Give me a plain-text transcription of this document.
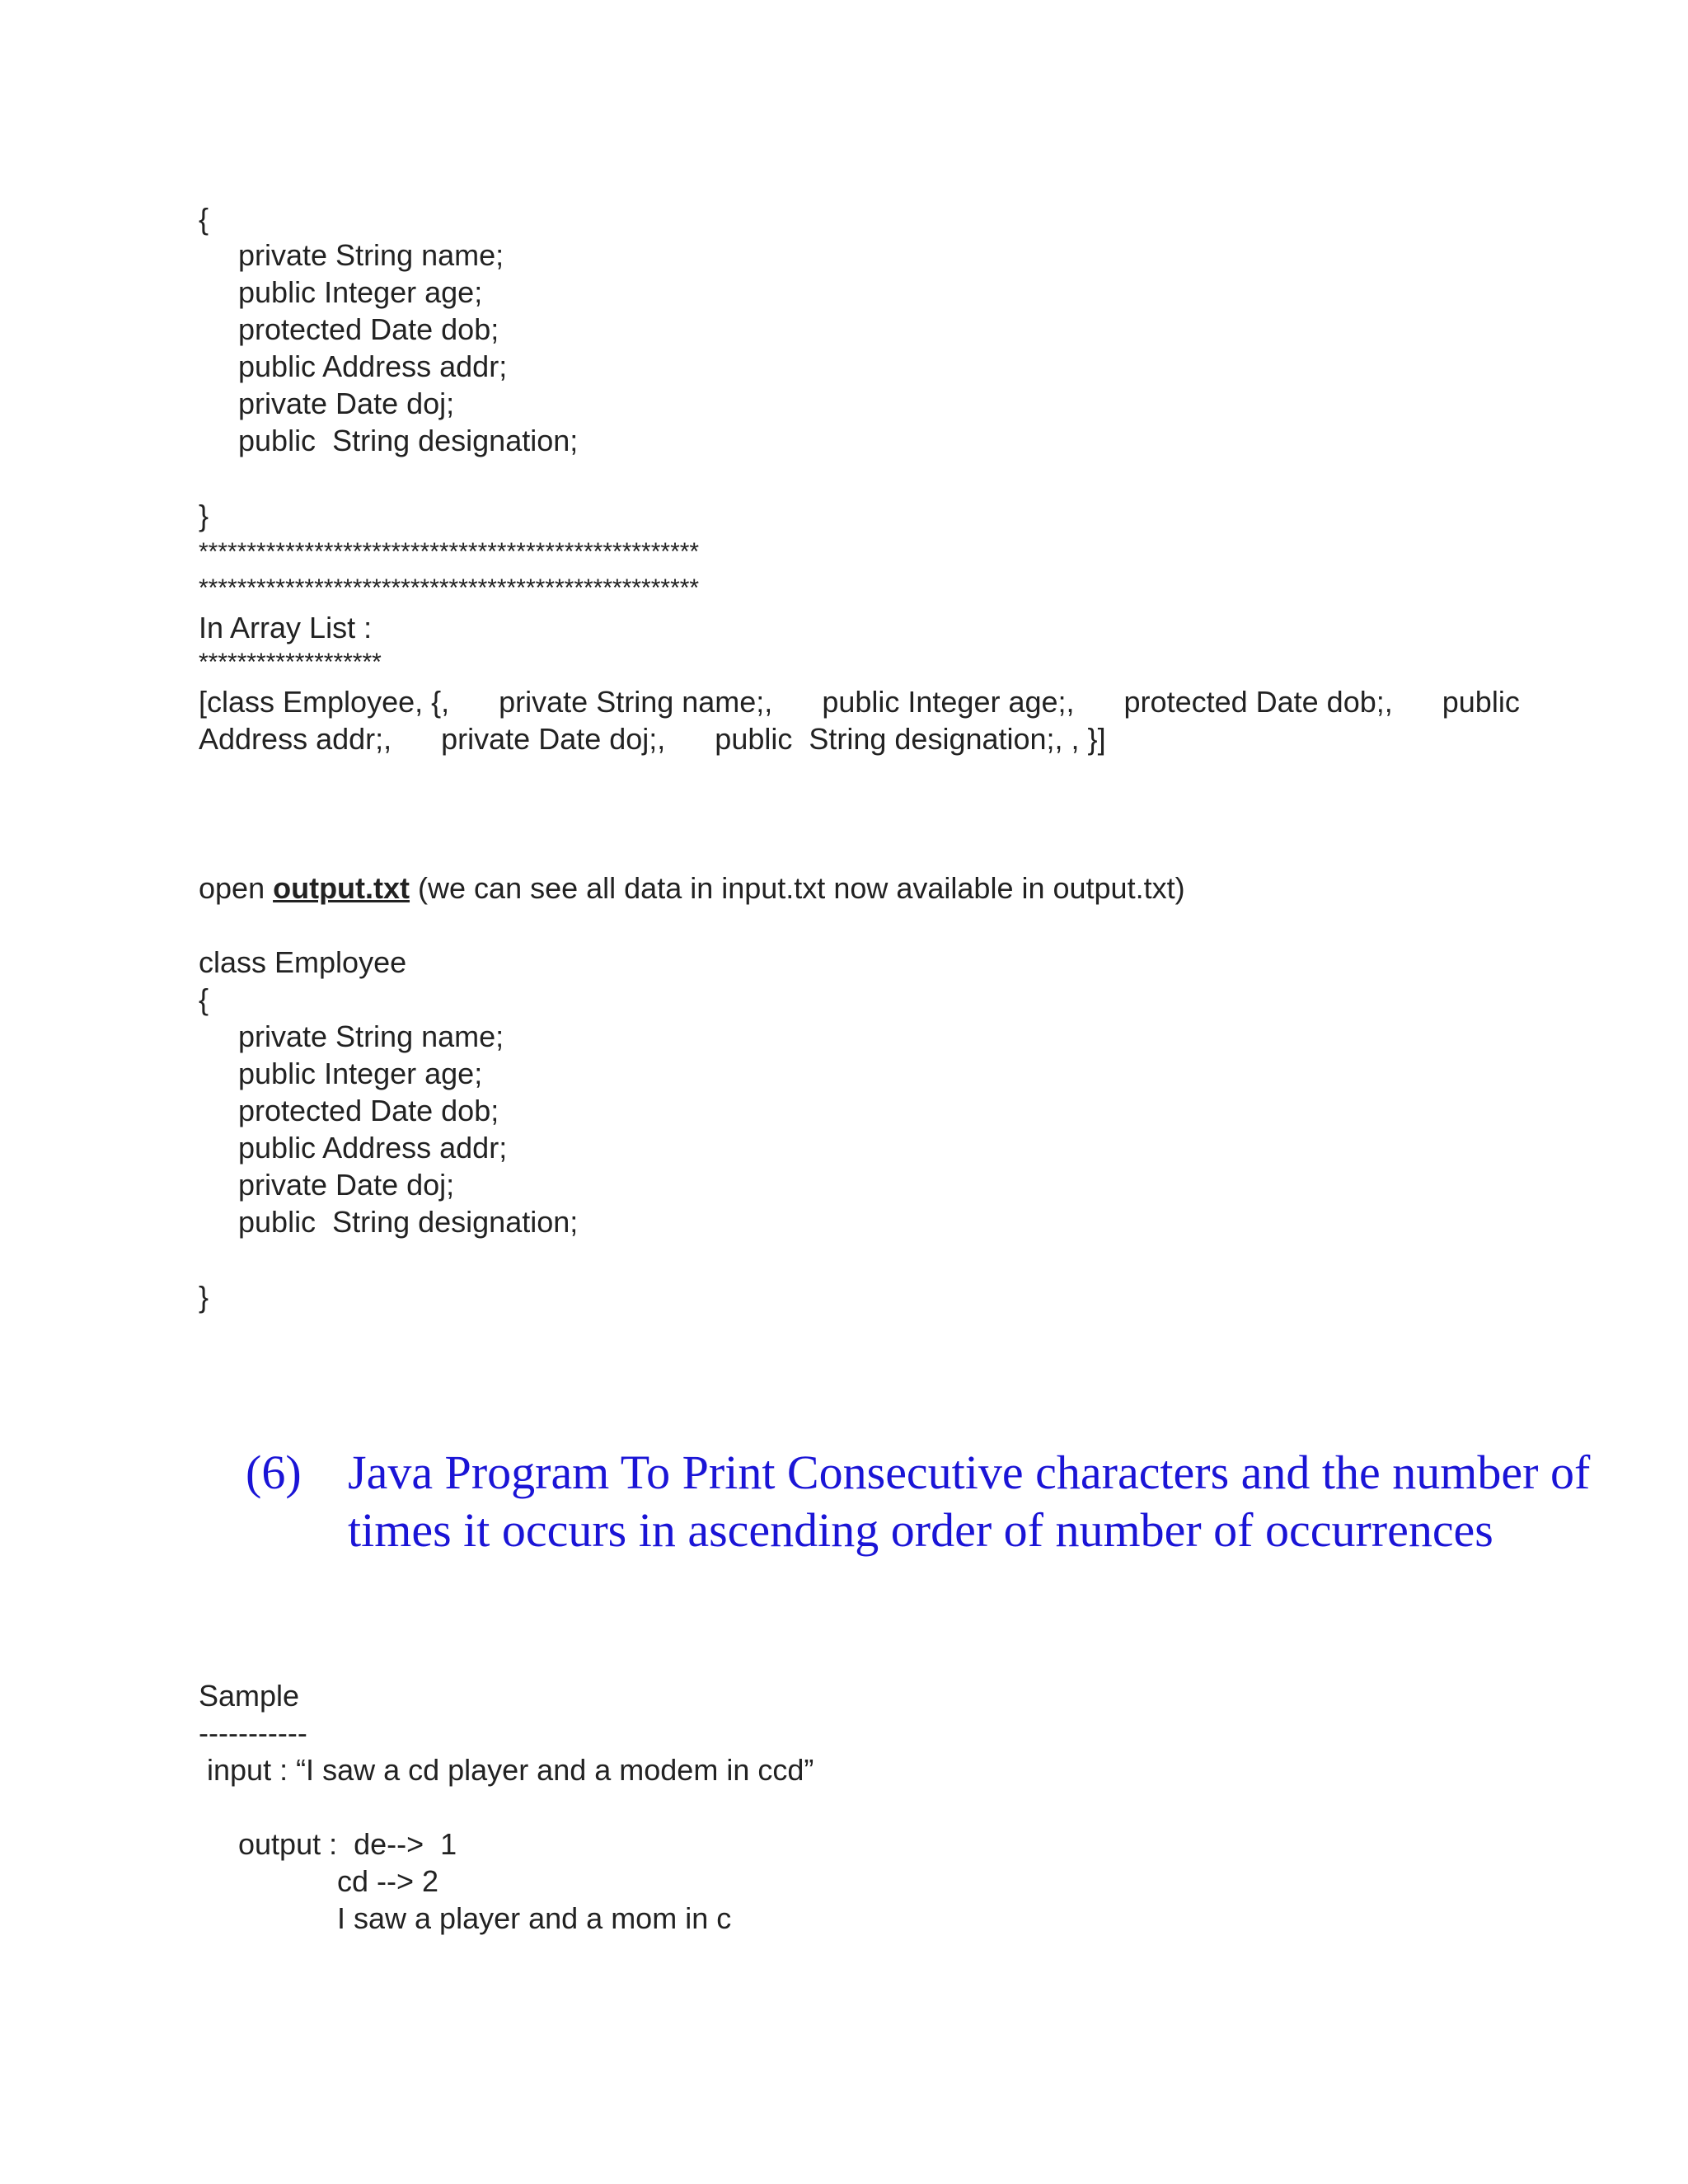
{
private String name;
public Integer age;
protected Date dob;
public Address addr;
private Date doj;
public  String designation;
}
****************************************************
****************************************************
In Array List :
*******************
[class Employee, {,      private String name;,      public Integer age;,      protected Date dob;,      public
Address addr;,      private Date doj;,      public  String designation;, , }]
open output.txt (we can see all data in input.txt now available in output.txt)
class Employee
{
private String name;
public Integer age;
protected Date dob;
public Address addr;
private Date doj;
public  String designation;
}
(6) Java Program To Print Consecutive characters and the number of times it occurs in ascending order of number of occurrences
Sample
-----------
input : “I saw a cd player and a modem in ccd”
output :  de-->  1
cd --> 2
I saw a player and a mom in c
